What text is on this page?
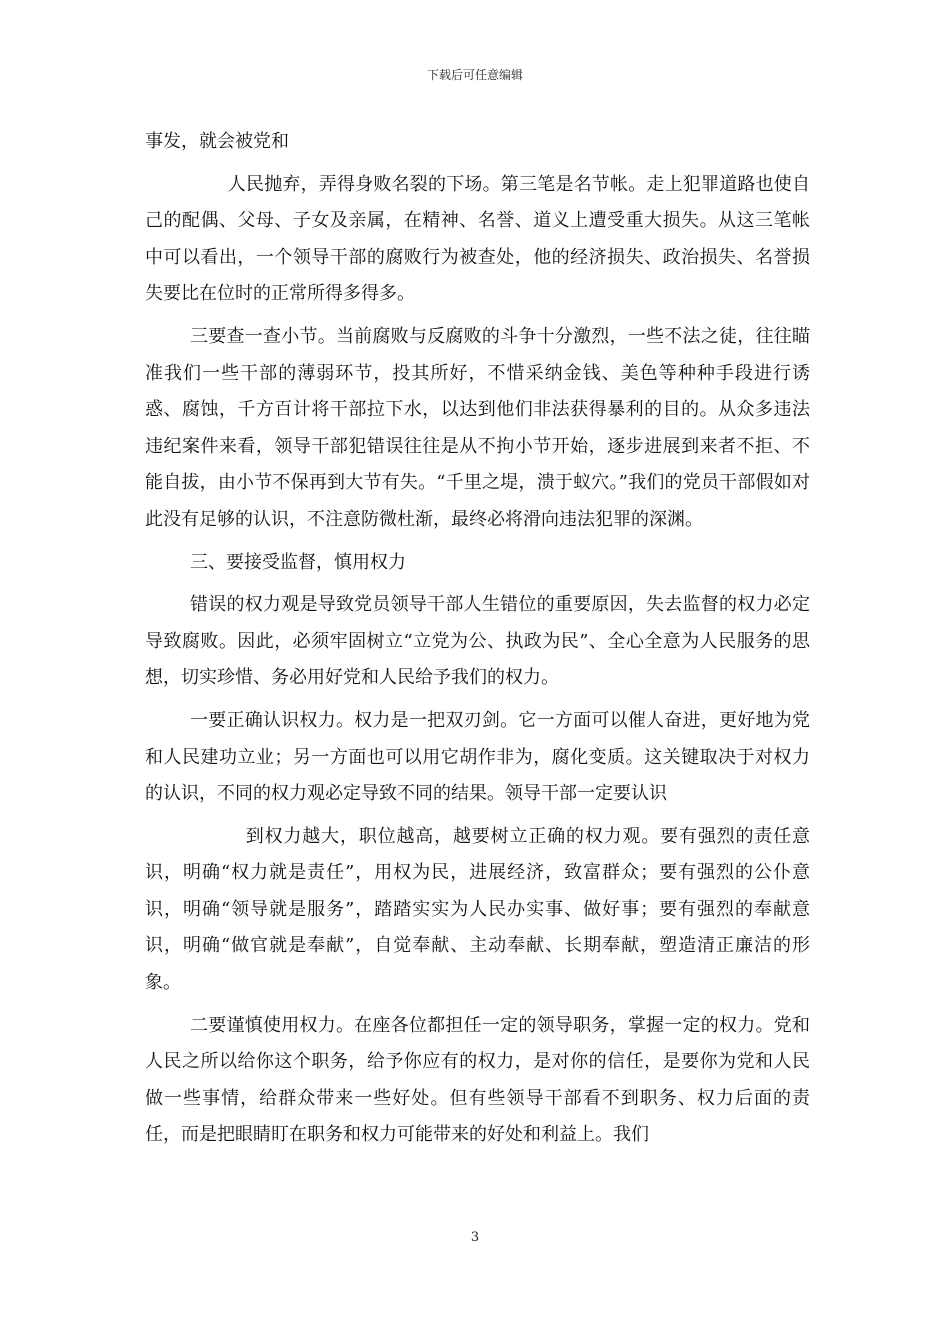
下载后可任意编辑

事发，就会被党和

人民抛弃，弄得身败名裂的下场。第三笔是名节帐。走上犯罪道路也使自己的配偶、父母、子女及亲属，在精神、名誉、道义上遭受重大损失。从这三笔帐中可以看出，一个领导干部的腐败行为被查处，他的经济损失、政治损失、名誉损失要比在位时的正常所得多得多。

三要查一查小节。当前腐败与反腐败的斗争十分激烈，一些不法之徒，往往瞄准我们一些干部的薄弱环节，投其所好，不惜采纳金钱、美色等种种手段进行诱惑、腐蚀，千方百计将干部拉下水，以达到他们非法获得暴利的目的。从众多违法违纪案件来看，领导干部犯错误往往是从不拘小节开始，逐步进展到来者不拒、不能自拔，由小节不保再到大节有失。“千里之堤，溃于蚁穴。”我们的党员干部假如对此没有足够的认识，不注意防微杜渐，最终必将滑向违法犯罪的深渊。

三、要接受监督，慎用权力

错误的权力观是导致党员领导干部人生错位的重要原因，失去监督的权力必定导致腐败。因此，必须牢固树立“立党为公、执政为民”、全心全意为人民服务的思想，切实珍惜、务必用好党和人民给予我们的权力。

一要正确认识权力。权力是一把双刃剑。它一方面可以催人奋进，更好地为党和人民建功立业；另一方面也可以用它胡作非为，腐化变质。这关键取决于对权力的认识，不同的权力观必定导致不同的结果。领导干部一定要认识

到权力越大，职位越高，越要树立正确的权力观。要有强烈的责任意识，明确“权力就是责任”，用权为民，进展经济，致富群众；要有强烈的公仆意识，明确“领导就是服务”，踏踏实实为人民办实事、做好事；要有强烈的奉献意识，明确“做官就是奉献”，自觉奉献、主动奉献、长期奉献，塑造清正廉洁的形象。

二要谨慎使用权力。在座各位都担任一定的领导职务，掌握一定的权力。党和人民之所以给你这个职务，给予你应有的权力，是对你的信任，是要你为党和人民做一些事情，给群众带来一些好处。但有些领导干部看不到职务、权力后面的责任，而是把眼睛盯在职务和权力可能带来的好处和利益上。我们

3
